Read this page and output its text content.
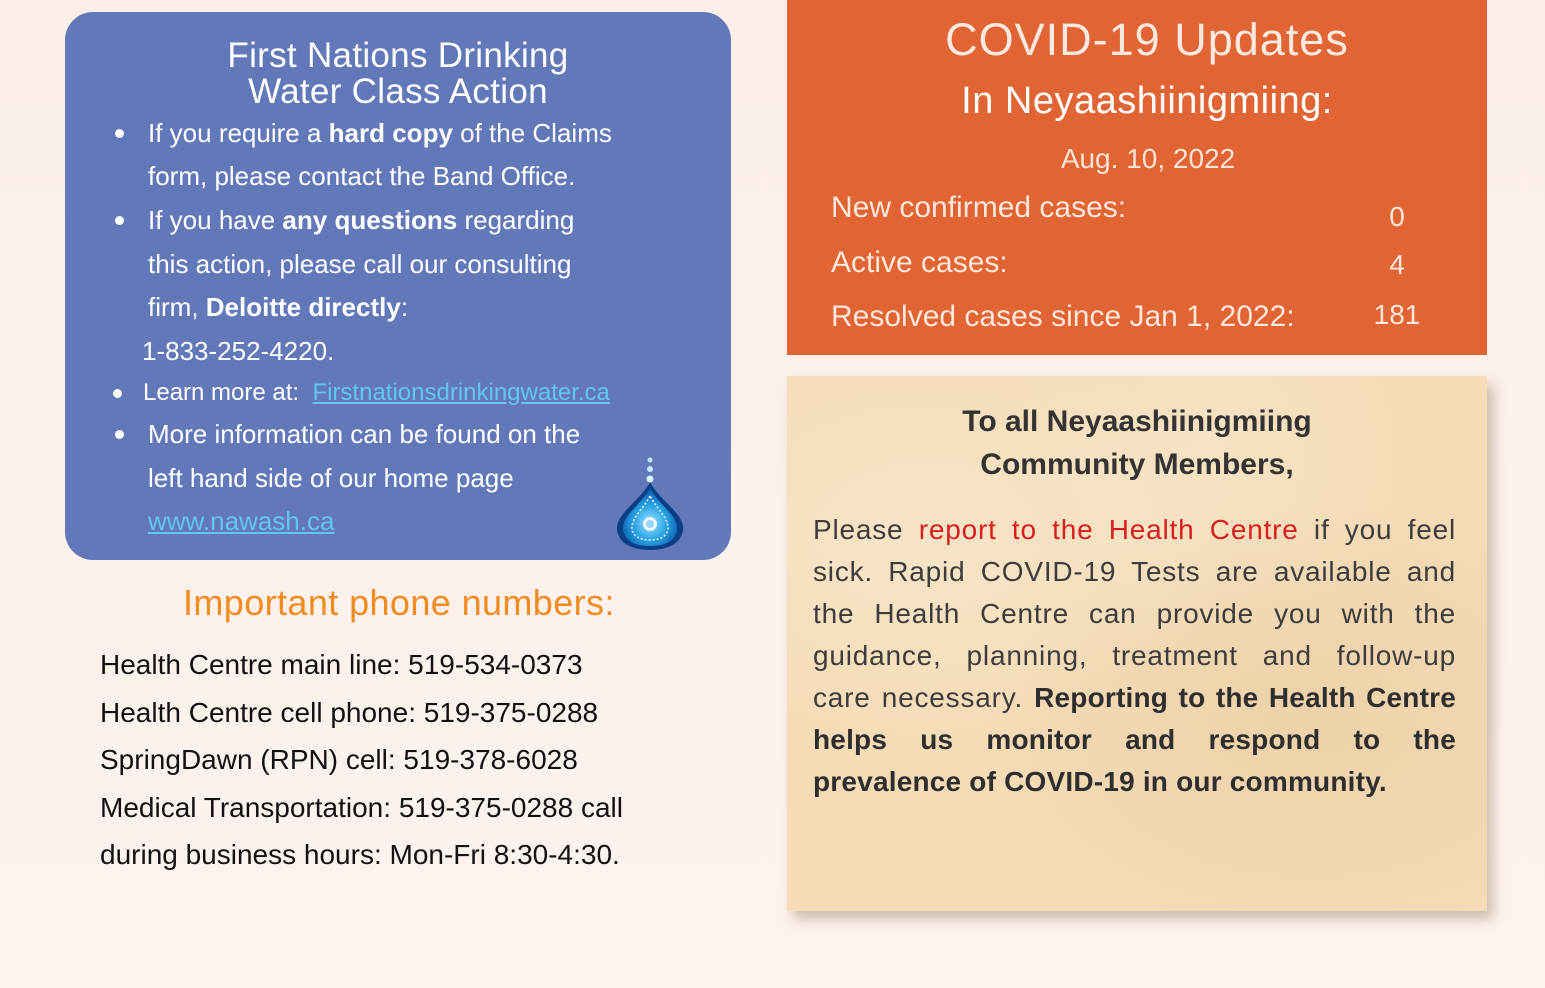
First Nations Drinking
Water Class Action
If you require a hard copy of the Claims
form, please contact the Band Office.
If you have any questions regarding
this action, please call our consulting
firm, Deloitte directly:
1-833-252-4220.
Learn more at: Firstnationsdrinkingwater.ca
More information can be found on the
left hand side of our home page
www.nawash.ca
Important phone numbers:
Health Centre main line: 519-534-0373
Health Centre cell phone: 519-375-0288
SpringDawn (RPN) cell: 519-378-6028
Medical Transportation: 519-375-0288 call
during business hours: Mon-Fri 8:30-4:30.
COVID-19 Updates
In Neyaashiinigmiing:
Aug. 10, 2022
New confirmed cases:	0
Active cases:	4
Resolved cases since Jan 1, 2022:	181
To all Neyaashiinigmiing
Community Members,
Please report to the Health Centre if you feel sick. Rapid COVID-19 Tests are available and the Health Centre can provide you with the guidance, planning, treatment and follow-up care necessary. Reporting to the Health Centre helps us monitor and respond to the prevalence of COVID-19 in our community.
